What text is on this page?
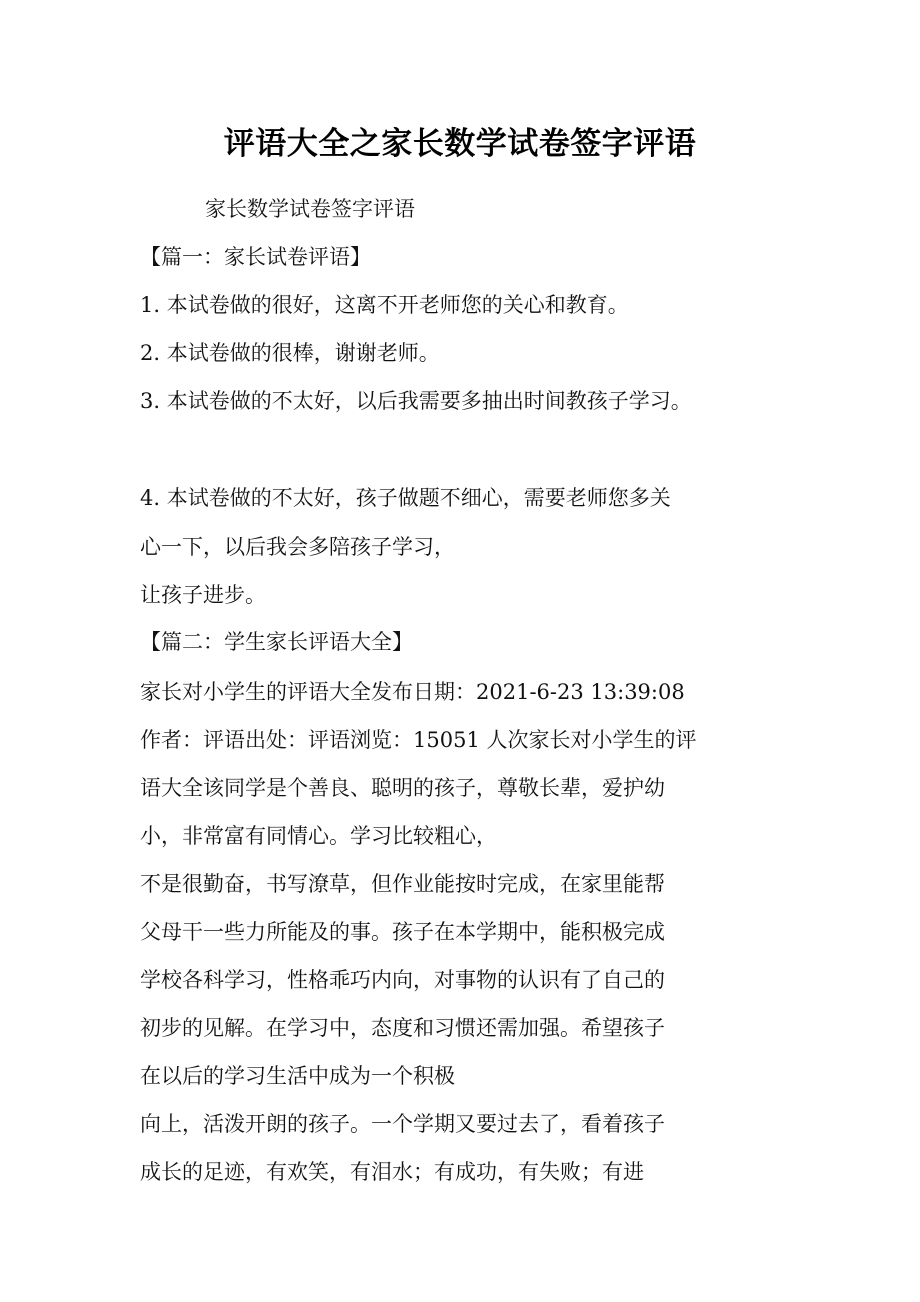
评语大全之家长数学试卷签字评语
家长数学试卷签字评语
【篇一：家长试卷评语】
1. 本试卷做的很好，这离不开老师您的关心和教育。
2. 本试卷做的很棒，谢谢老师。
3. 本试卷做的不太好，以后我需要多抽出时间教孩子学习。
4. 本试卷做的不太好，孩子做题不细心，需要老师您多关
心一下，以后我会多陪孩子学习，
让孩子进步。
【篇二：学生家长评语大全】
家长对小学生的评语大全发布日期：2021-6-23 13:39:08
作者：评语出处：评语浏览：15051 人次家长对小学生的评
语大全该同学是个善良、聪明的孩子，尊敬长辈，爱护幼
小，非常富有同情心。学习比较粗心，
不是很勤奋，书写潦草，但作业能按时完成，在家里能帮
父母干一些力所能及的事。孩子在本学期中，能积极完成
学校各科学习，性格乖巧内向，对事物的认识有了自己的
初步的见解。在学习中，态度和习惯还需加强。希望孩子
在以后的学习生活中成为一个积极
向上，活泼开朗的孩子。一个学期又要过去了，看着孩子
成长的足迹，有欢笑，有泪水；有成功，有失败；有进
